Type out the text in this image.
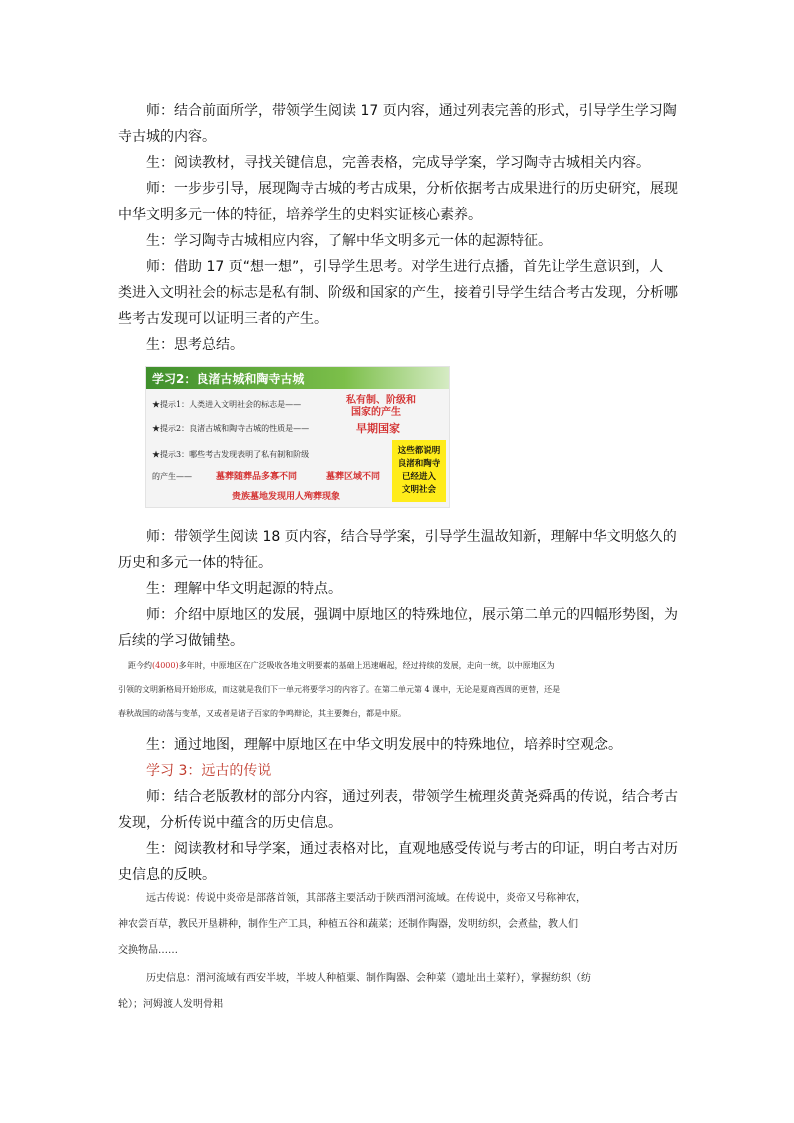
师：结合前面所学，带领学生阅读 17 页内容，通过列表完善的形式，引导学生学习陶

寺古城的内容。

生：阅读教材，寻找关键信息，完善表格，完成导学案，学习陶寺古城相关内容。

师：一步步引导，展现陶寺古城的考古成果，分析依据考古成果进行的历史研究，展现

中华文明多元一体的特征，培养学生的史料实证核心素养。

生：学习陶寺古城相应内容，了解中华文明多元一体的起源特征。

师：借助 17 页“想一想”，引导学生思考。对学生进行点播，首先让学生意识到，人

类进入文明社会的标志是私有制、阶级和国家的产生，接着引导学生结合考古发现，分析哪

些考古发现可以证明三者的产生。

生：思考总结。

学习2：良渚古城和陶寺古城
★提示1：人类进入文明社会的标志是——	私有制、阶级和
国家的产生
★提示2：良渚古城和陶寺古城的性质是——	早期国家
★提示3：哪些考古发现表明了私有制和阶级
的产生——	墓葬随葬品多寡不同	墓葬区域不同
贵族墓地发现用人殉葬现象
这些都说明
良渚和陶寺
已经进入
文明社会

师：带领学生阅读 18 页内容，结合导学案，引导学生温故知新，理解中华文明悠久的

历史和多元一体的特征。

生：理解中华文明起源的特点。

师：介绍中原地区的发展，强调中原地区的特殊地位，展示第二单元的四幅形势图，为

后续的学习做铺垫。

距今约(4000)多年时，中原地区在广泛吸收各地文明要素的基础上迅速崛起，经过持续的发展，走向一统，以中原地区为

引领的文明新格局开始形成，而这就是我们下一单元将要学习的内容了。在第二单元第 4 课中，无论是夏商西周的更替，还是

春秋战国的动荡与变革，又或者是诸子百家的争鸣辩论，其主要舞台，都是中原。

生：通过地图，理解中原地区在中华文明发展中的特殊地位，培养时空观念。

学习 3：远古的传说

师：结合老版教材的部分内容，通过列表，带领学生梳理炎黄尧舜禹的传说，结合考古

发现，分析传说中蕴含的历史信息。

生：阅读教材和导学案，通过表格对比，直观地感受传说与考古的印证，明白考古对历

史信息的反映。

远古传说：传说中炎帝是部落首领，其部落主要活动于陕西渭河流域。在传说中，炎帝又号称神农，

神农尝百草，教民开垦耕种，制作生产工具，种植五谷和蔬菜；还制作陶器，发明纺织，会煮盐，教人们

交换物品……

历史信息：渭河流域有西安半坡，半坡人种植粟、制作陶器、会种菜（遗址出土菜籽），掌握纺织（纺

轮）；河姆渡人发明骨耜
